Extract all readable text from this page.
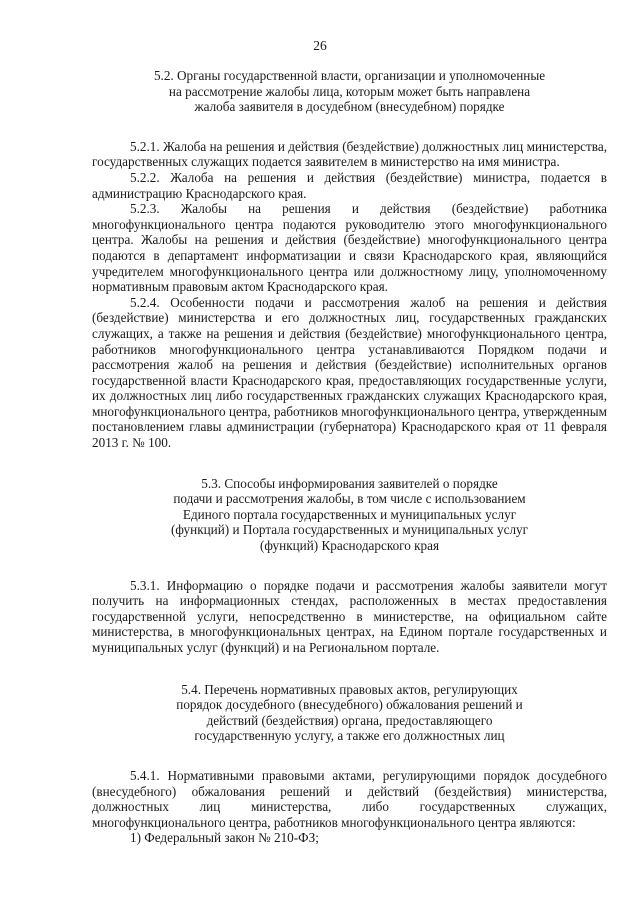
26
5.2. Органы государственной власти, организации и уполномоченные
на рассмотрение жалобы лица, которым может быть направлена
жалоба заявителя в досудебном (внесудебном) порядке

5.2.1. Жалоба на решения и действия (бездействие) должностных лиц министерства, государственных служащих подается заявителем в министерство на имя министра.

5.2.2. Жалоба на решения и действия (бездействие) министра, подается в администрацию Краснодарского края.

5.2.3. Жалобы на решения и действия (бездействие) работника многофункционального центра подаются руководителю этого многофункционального центра. Жалобы на решения и действия (бездействие) многофункционального центра подаются в департамент информатизации и связи Краснодарского края, являющийся учредителем многофункционального центра или должностному лицу, уполномоченному нормативным правовым актом Краснодарского края.

5.2.4. Особенности подачи и рассмотрения жалоб на решения и действия (бездействие) министерства и его должностных лиц, государственных гражданских служащих, а также на решения и действия (бездействие) многофункционального центра, работников многофункционального центра устанавливаются Порядком подачи и рассмотрения жалоб на решения и действия (бездействие) исполнительных органов государственной власти Краснодарского края, предоставляющих государственные услуги, их должностных лиц либо государственных гражданских служащих Краснодарского края, многофункционального центра, работников многофункционального центра, утвержденным постановлением главы администрации (губернатора) Краснодарского края от 11 февраля 2013 г. № 100.

5.3. Способы информирования заявителей о порядке
подачи и рассмотрения жалобы, в том числе с использованием
Единого портала государственных и муниципальных услуг
(функций) и Портала государственных и муниципальных услуг
(функций) Краснодарского края

5.3.1. Информацию о порядке подачи и рассмотрения жалобы заявители могут получить на информационных стендах, расположенных в местах предоставления государственной услуги, непосредственно в министерстве, на официальном сайте министерства, в многофункциональных центрах, на Едином портале государственных и муниципальных услуг (функций) и на Региональном портале.

5.4. Перечень нормативных правовых актов, регулирующих
порядок досудебного (внесудебного) обжалования решений и
действий (бездействия) органа, предоставляющего
государственную услугу, а также его должностных лиц

5.4.1. Нормативными правовыми актами, регулирующими порядок досудебного (внесудебного) обжалования решений и действий (бездействия) министерства, должностных лиц министерства, либо государственных служащих, многофункционального центра, работников многофункционального центра являются:

1) Федеральный закон № 210-ФЗ;
